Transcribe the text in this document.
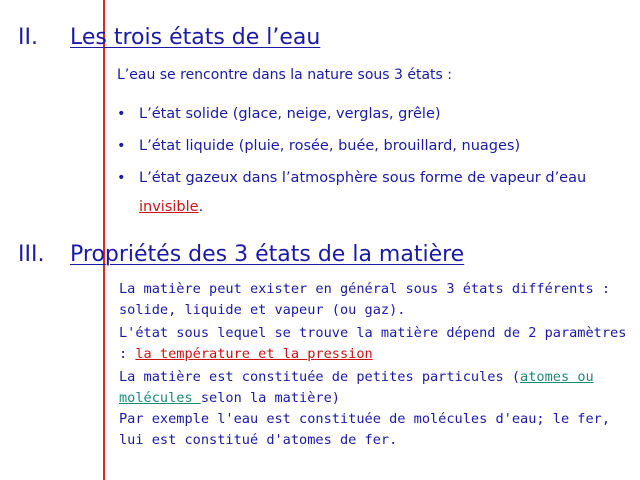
II. Les trois états de l’eau
L’eau se rencontre dans la nature sous 3 états :
• L’état solide (glace, neige, verglas, grêle)
• L’état liquide (pluie, rosée, buée, brouillard, nuages)
• L’état gazeux dans l’atmosphère sous forme de vapeur d’eau invisible.
III. Propriétés des 3 états de la matière

La matière peut exister en général sous 3 états différents : solide, liquide et vapeur (ou gaz).

L'état sous lequel se trouve la matière dépend de 2 paramètres : la température et la pression

La matière est constituée de petites particules (atomes ou molécules selon la matière)
Par exemple l'eau est constituée de molécules d'eau; le fer, lui est constitué d'atomes de fer.
